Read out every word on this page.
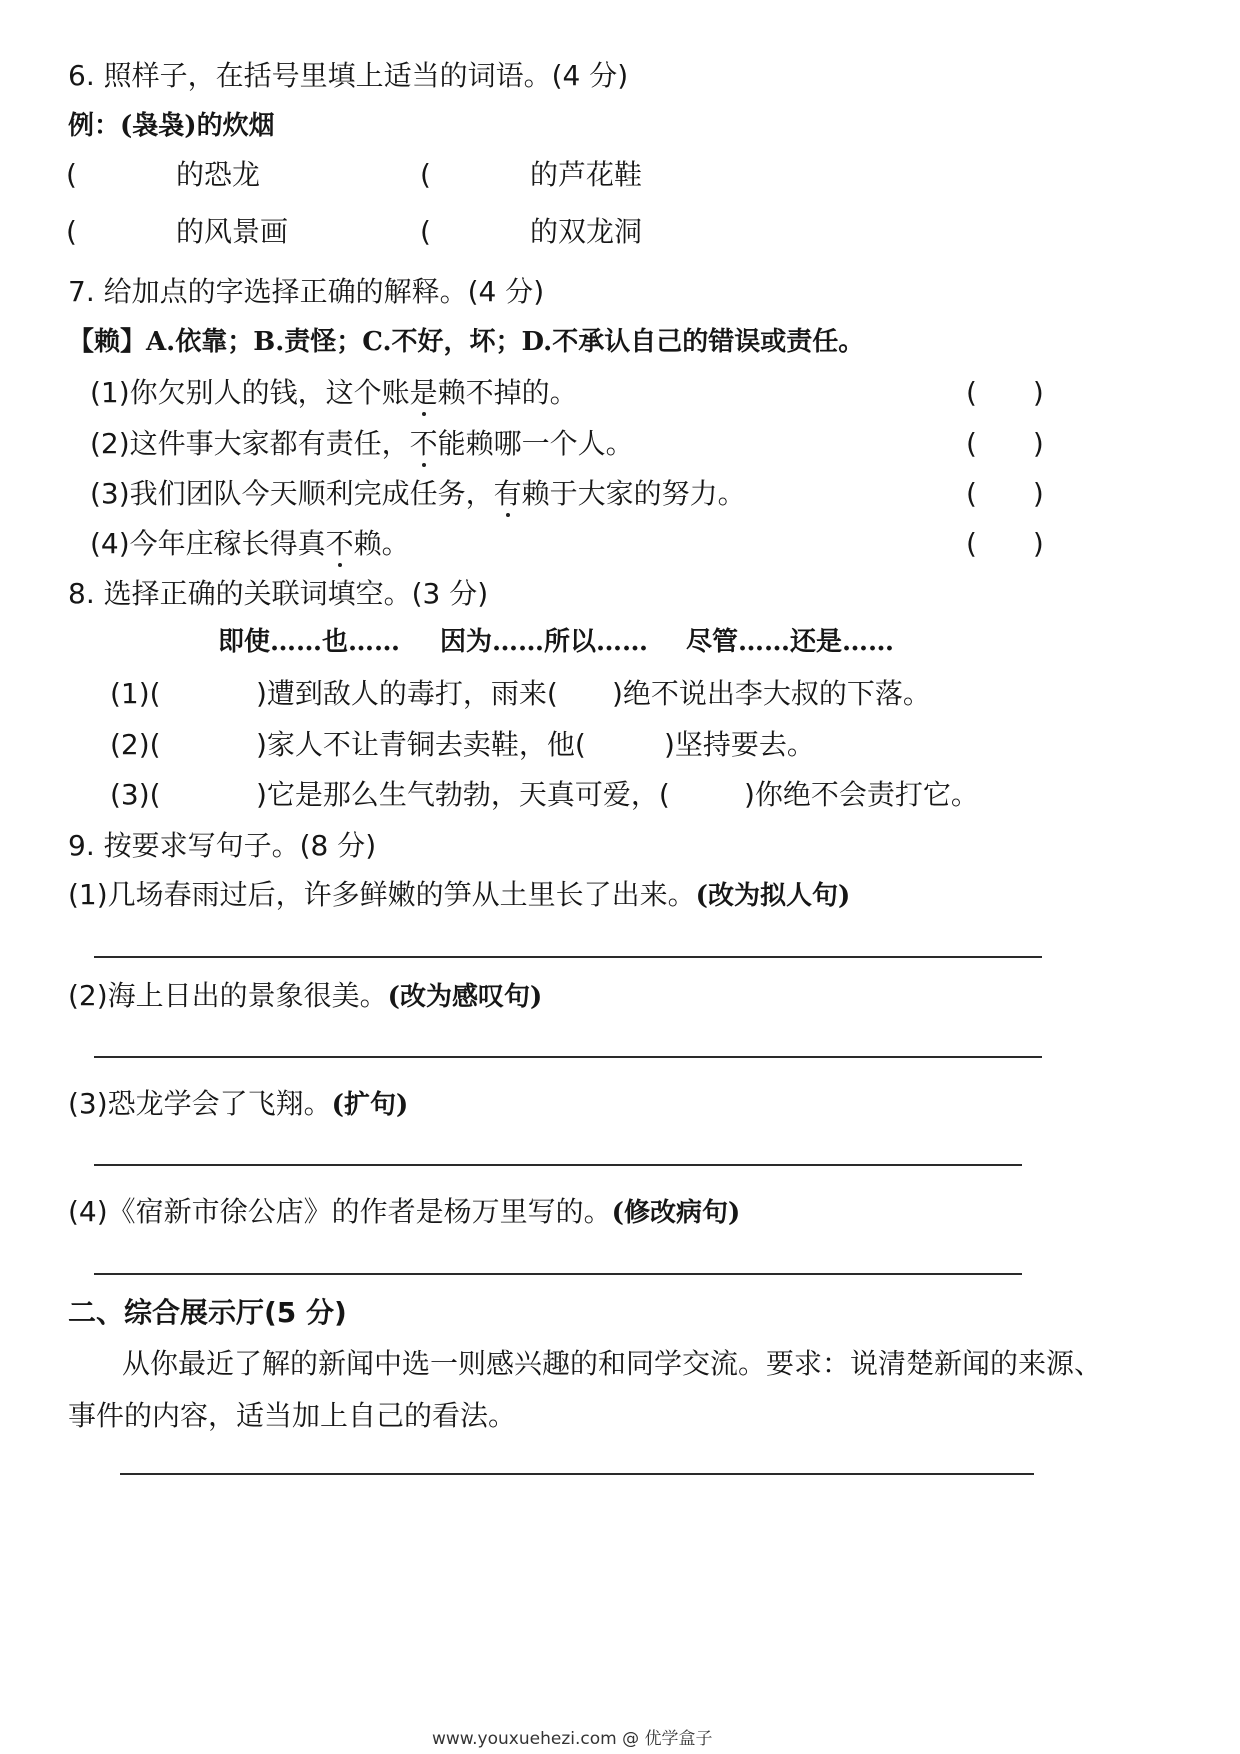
6. 照样子，在括号里填上适当的词语。(4 分)
例：(袅袅)的炊烟
(	的恐龙	(	的芦花鞋
(	的风景画	(	的双龙洞
7. 给加点的字选择正确的解释。(4 分)
【赖】A.依靠；B.责怪；C.不好，坏；D.不承认自己的错误或责任。
(1)你欠别人的钱，这个账是赖不掉的。	(　　)
(2)这件事大家都有责任，不能赖哪一个人。	(　　)
(3)我们团队今天顺利完成任务，有赖于大家的努力。	(　　)
(4)今年庄稼长得真不赖。	(　　)
8. 选择正确的关联词填空。(3 分)
即使……也…… 因为……所以…… 尽管……还是……
(1)(	)遭到敌人的毒打，雨来( )绝不说出李大叔的下落。
(2)(	)家人不让青铜去卖鞋，他(	)坚持要去。
(3)(	)它是那么生气勃勃，天真可爱，(	)你绝不会责打它。
9. 按要求写句子。(8 分)
(1)几场春雨过后，许多鲜嫩的笋从土里长了出来。(改为拟人句)
(2)海上日出的景象很美。(改为感叹句)
(3)恐龙学会了飞翔。(扩句)
(4)《宿新市徐公店》的作者是杨万里写的。(修改病句)
二、综合展示厅(5 分)
从你最近了解的新闻中选一则感兴趣的和同学交流。要求：说清楚新闻的来源、
事件的内容，适当加上自己的看法。
www.youxuehezi.com @ 优学盒子
